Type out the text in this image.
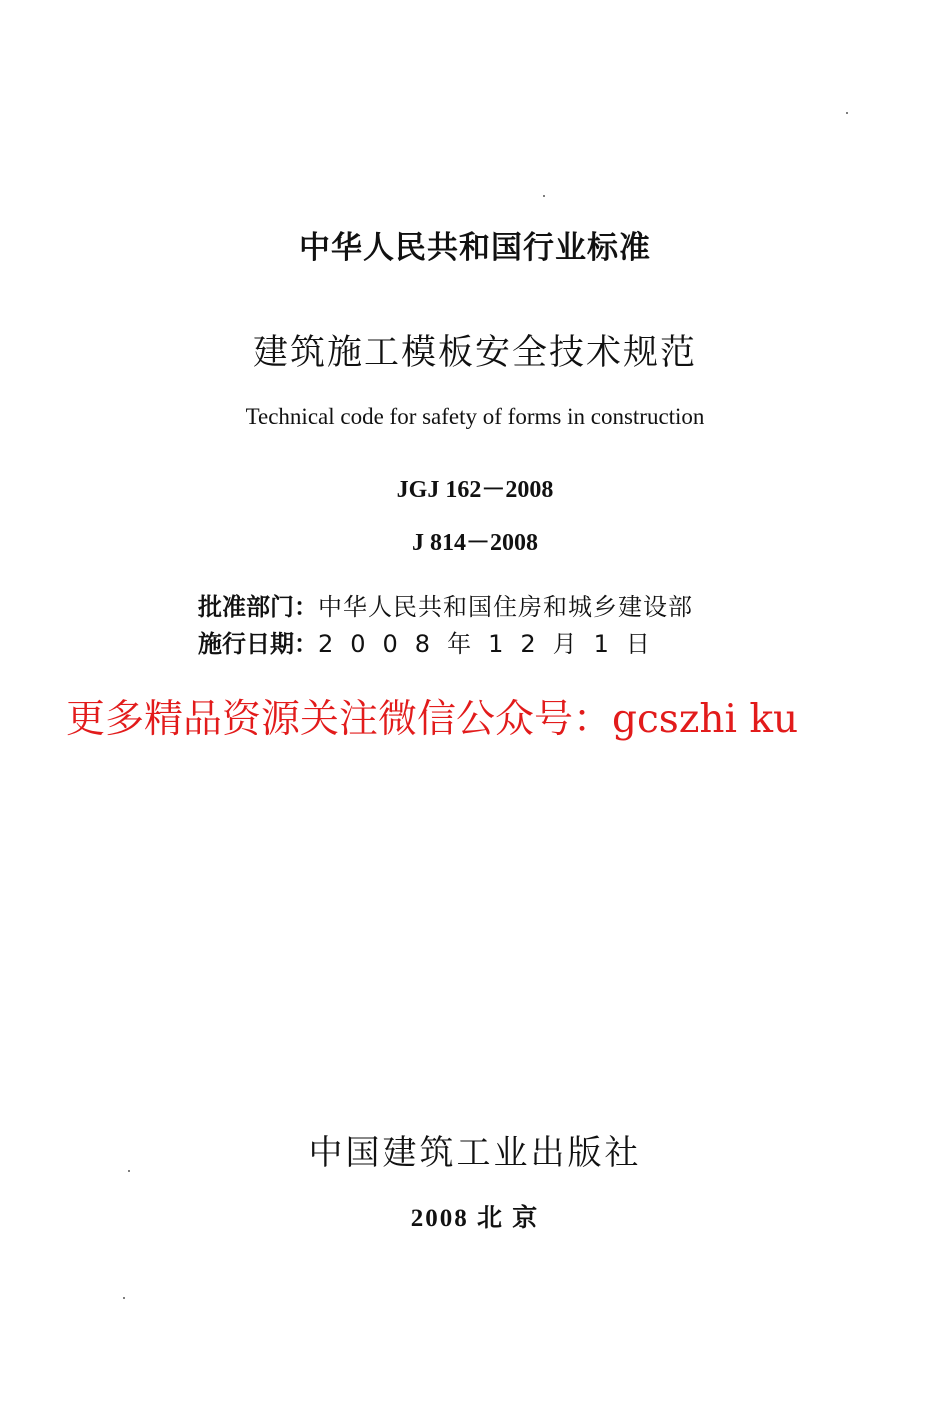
中华人民共和国行业标准
建筑施工模板安全技术规范
Technical code for safety of forms in construction
JGJ 162－2008
J 814－2008
批准部门： 中华人民共和国住房和城乡建设部
施行日期： 2008年12月1日
更多精品资源关注微信公众号：gcszhi ku
中国建筑工业出版社
2008 北 京
